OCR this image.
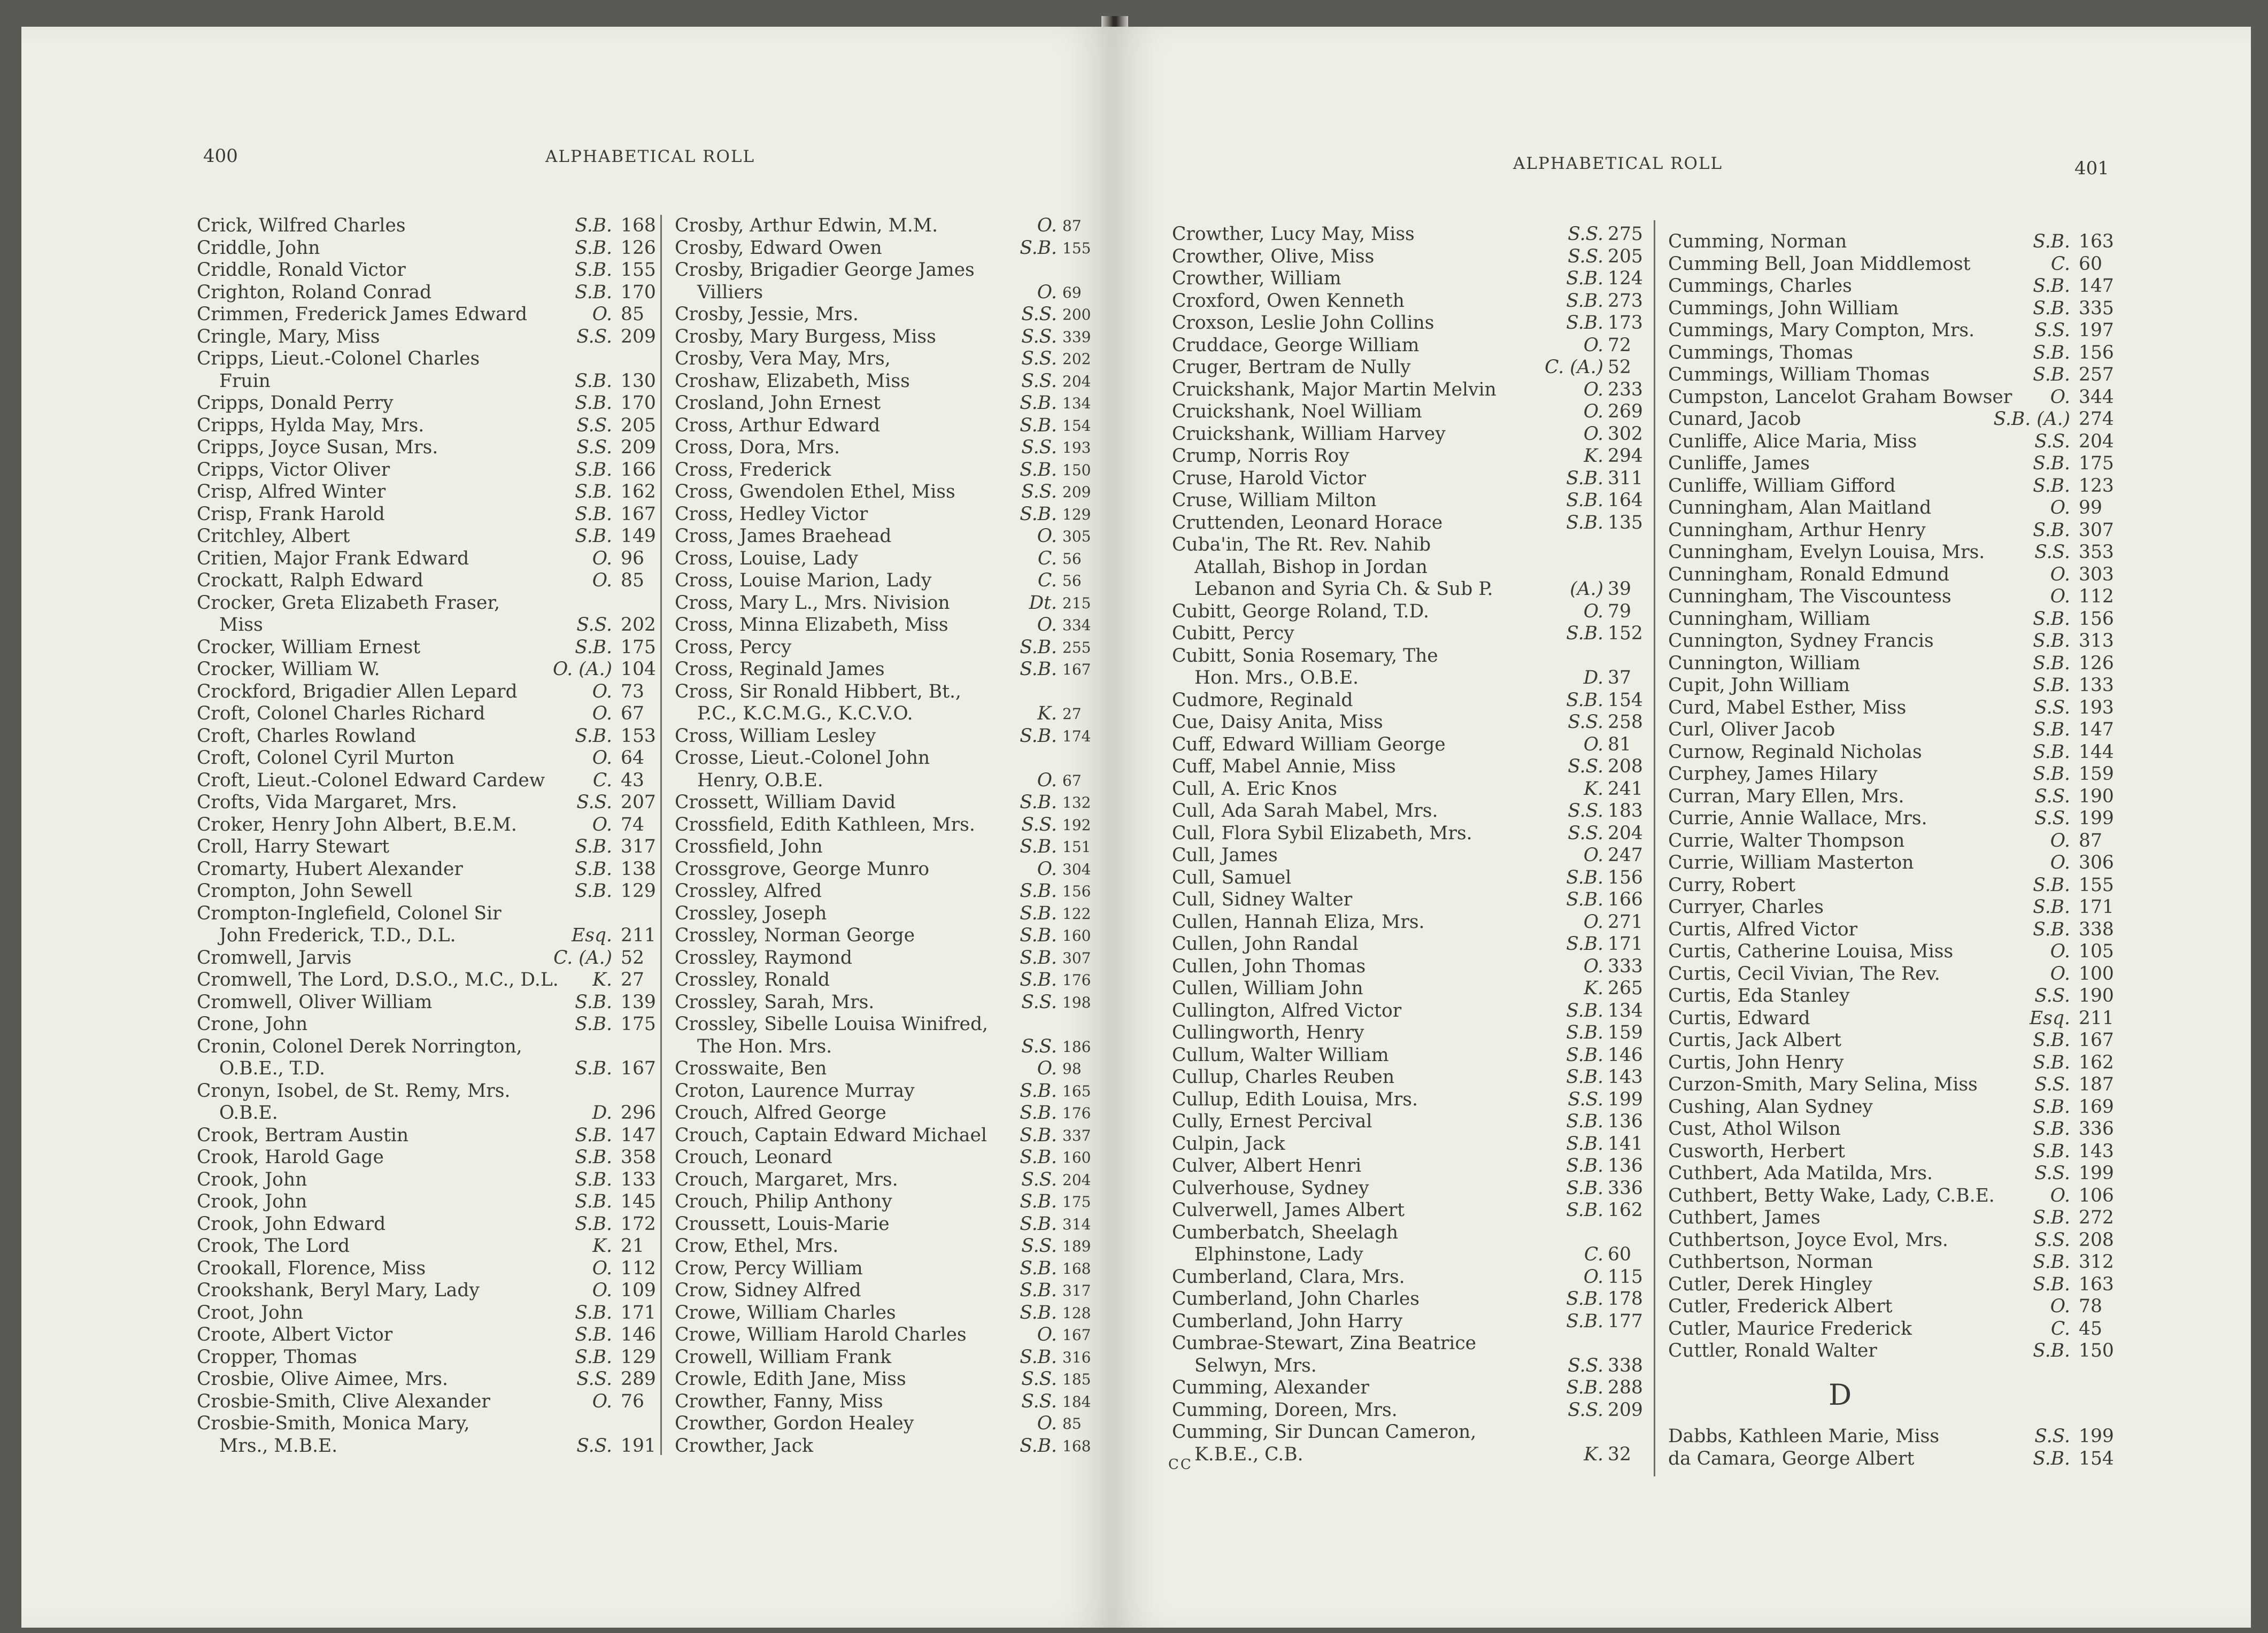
400	ALPHABETICAL ROLL
Crick, Wilfred Charles	S.B. 168
Criddle, John	S.B. 126
Criddle, Ronald Victor	S.B. 155
Crighton, Roland Conrad	S.B. 170
Crimmen, Frederick James Edward	O. 85
Cringle, Mary, Miss	S.S. 209
Cripps, Lieut.-Colonel Charles
Fruin	S.B. 130
Cripps, Donald Perry	S.B. 170
Cripps, Hylda May, Mrs.	S.S. 205
Cripps, Joyce Susan, Mrs.	S.S. 209
Cripps, Victor Oliver	S.B. 166
Crisp, Alfred Winter	S.B. 162
Crisp, Frank Harold	S.B. 167
Critchley, Albert	S.B. 149
Critien, Major Frank Edward	O. 96
Crockatt, Ralph Edward	O. 85
Crocker, Greta Elizabeth Fraser,
Miss	S.S. 202
Crocker, William Ernest	S.B. 175
Crocker, William W.	O. (A.) 104
Crockford, Brigadier Allen Lepard	O. 73
Croft, Colonel Charles Richard	O. 67
Croft, Charles Rowland	S.B. 153
Croft, Colonel Cyril Murton	O. 64
Croft, Lieut.-Colonel Edward Cardew	C. 43
Crofts, Vida Margaret, Mrs.	S.S. 207
Croker, Henry John Albert, B.E.M.	O. 74
Croll, Harry Stewart	S.B. 317
Cromarty, Hubert Alexander	S.B. 138
Crompton, John Sewell	S.B. 129
Crompton-Inglefield, Colonel Sir
John Frederick, T.D., D.L.	Esq. 211
Cromwell, Jarvis	C. (A.) 52
Cromwell, The Lord, D.S.O., M.C., D.L. K. 27
Cromwell, Oliver William	S.B. 139
Crone, John	S.B. 175
Cronin, Colonel Derek Norrington,
O.B.E., T.D.	S.B. 167
Cronyn, Isobel, de St. Remy, Mrs.
O.B.E.	D. 296
Crook, Bertram Austin	S.B. 147
Crook, Harold Gage	S.B. 358
Crook, John	S.B. 133
Crook, John	S.B. 145
Crook, John Edward	S.B. 172
Crook, The Lord	K. 21
Crookall, Florence, Miss	O. 112
Crookshank, Beryl Mary, Lady	O. 109
Croot, John	S.B. 171
Croote, Albert Victor	S.B. 146
Cropper, Thomas	S.B. 129
Crosbie, Olive Aimee, Mrs.	S.S. 289
Crosbie-Smith, Clive Alexander	O. 76
Crosbie-Smith, Monica Mary,
Mrs., M.B.E.	S.S. 191
Crosby, Arthur Edwin, M.M.	O. 87
Crosby, Edward Owen	S.B. 155
Crosby, Brigadier George James
Villiers	O. 69
Crosby, Jessie, Mrs.	S.S. 200
Crosby, Mary Burgess, Miss	S.S. 339
Crosby, Vera May, Mrs,	S.S. 202
Croshaw, Elizabeth, Miss	S.S. 204
Crosland, John Ernest	S.B. 134
Cross, Arthur Edward	S.B. 154
Cross, Dora, Mrs.	S.S. 193
Cross, Frederick	S.B. 150
Cross, Gwendolen Ethel, Miss	S.S. 209
Cross, Hedley Victor	S.B. 129
Cross, James Braehead	O. 305
Cross, Louise, Lady	C. 56
Cross, Louise Marion, Lady	C. 56
Cross, Mary L., Mrs. Nivision	Dt. 215
Cross, Minna Elizabeth, Miss	O. 334
Cross, Percy	S.B. 255
Cross, Reginald James	S.B. 167
Cross, Sir Ronald Hibbert, Bt.,
P.C., K.C.M.G., K.C.V.O.	K. 27
Cross, William Lesley	S.B. 174
Crosse, Lieut.-Colonel John
Henry, O.B.E.	O. 67
Crossett, William David	S.B. 132
Crossfield, Edith Kathleen, Mrs.	S.S. 192
Crossfield, John	S.B. 151
Crossgrove, George Munro	O. 304
Crossley, Alfred	S.B. 156
Crossley, Joseph	S.B. 122
Crossley, Norman George	S.B. 160
Crossley, Raymond	S.B. 307
Crossley, Ronald	S.B. 176
Crossley, Sarah, Mrs.	S.S. 198
Crossley, Sibelle Louisa Winifred,
The Hon. Mrs.	S.S. 186
Crosswaite, Ben	O. 98
Croton, Laurence Murray	S.B. 165
Crouch, Alfred George	S.B. 176
Crouch, Captain Edward Michael S.B. 337
Crouch, Leonard	S.B. 160
Crouch, Margaret, Mrs.	S.S. 204
Crouch, Philip Anthony	S.B. 175
Croussett, Louis-Marie	S.B. 314
Crow, Ethel, Mrs.	S.S. 189
Crow, Percy William	S.B. 168
Crow, Sidney Alfred	S.B. 317
Crowe, William Charles	S.B. 128
Crowe, William Harold Charles	O. 167
Crowell, William Frank	S.B. 316
Crowle, Edith Jane, Miss	S.S. 185
Crowther, Fanny, Miss	S.S. 184
Crowther, Gordon Healey	O. 85
Crowther, Jack	S.B. 168
ALPHABETICAL ROLL	401
Crowther, Lucy May, Miss	S.S. 275
Crowther, Olive, Miss	S.S. 205
Crowther, William	S.B. 124
Croxford, Owen Kenneth	S.B. 273
Croxson, Leslie John Collins	S.B. 173
Cruddace, George William	O. 72
Cruger, Bertram de Nully	C. (A.) 52
Cruickshank, Major Martin Melvin	O. 233
Cruickshank, Noel William	O. 269
Cruickshank, William Harvey	O. 302
Crump, Norris Roy	K. 294
Cruse, Harold Victor	S.B. 311
Cruse, William Milton	S.B. 164
Cruttenden, Leonard Horace	S.B. 135
Cuba'in, The Rt. Rev. Nahib
Atallah, Bishop in Jordan
Lebanon and Syria Ch. & Sub P.	(A.) 39
Cubitt, George Roland, T.D.	O. 79
Cubitt, Percy	S.B. 152
Cubitt, Sonia Rosemary, The
Hon. Mrs., O.B.E.	D. 37
Cudmore, Reginald	S.B. 154
Cue, Daisy Anita, Miss	S.S. 258
Cuff, Edward William George	O. 81
Cuff, Mabel Annie, Miss	S.S. 208
Cull, A. Eric Knos	K. 241
Cull, Ada Sarah Mabel, Mrs.	S.S. 183
Cull, Flora Sybil Elizabeth, Mrs.	S.S. 204
Cull, James	O. 247
Cull, Samuel	S.B. 156
Cull, Sidney Walter	S.B. 166
Cullen, Hannah Eliza, Mrs.	O. 271
Cullen, John Randal	S.B. 171
Cullen, John Thomas	O. 333
Cullen, William John	K. 265
Cullington, Alfred Victor	S.B. 134
Cullingworth, Henry	S.B. 159
Cullum, Walter William	S.B. 146
Cullup, Charles Reuben	S.B. 143
Cullup, Edith Louisa, Mrs.	S.S. 199
Cully, Ernest Percival	S.B. 136
Culpin, Jack	S.B. 141
Culver, Albert Henri	S.B. 136
Culverhouse, Sydney	S.B. 336
Culverwell, James Albert	S.B. 162
Cumberbatch, Sheelagh
Elphinstone, Lady	C. 60
Cumberland, Clara, Mrs.	O. 115
Cumberland, John Charles	S.B. 178
Cumberland, John Harry	S.B. 177
Cumbrae-Stewart, Zina Beatrice
Selwyn, Mrs.	S.S. 338
Cumming, Alexander	S.B. 288
Cumming, Doreen, Mrs.	S.S. 209
Cumming, Sir Duncan Cameron,
K.B.E., C.B.	K. 32
Cumming, Norman	S.B. 163
Cumming Bell, Joan Middlemost	C. 60
Cummings, Charles	S.B. 147
Cummings, John William	S.B. 335
Cummings, Mary Compton, Mrs.	S.S. 197
Cummings, Thomas	S.B. 156
Cummings, William Thomas	S.B. 257
Cumpston, Lancelot Graham Bowser O. 344
Cunard, Jacob	S.B. (A.) 274
Cunliffe, Alice Maria, Miss	S.S. 204
Cunliffe, James	S.B. 175
Cunliffe, William Gifford	S.B. 123
Cunningham, Alan Maitland	O. 99
Cunningham, Arthur Henry	S.B. 307
Cunningham, Evelyn Louisa, Mrs.	S.S. 353
Cunningham, Ronald Edmund	O. 303
Cunningham, The Viscountess	O. 112
Cunningham, William	S.B. 156
Cunnington, Sydney Francis	S.B. 313
Cunnington, William	S.B. 126
Cupit, John William	S.B. 133
Curd, Mabel Esther, Miss	S.S. 193
Curl, Oliver Jacob	S.B. 147
Curnow, Reginald Nicholas	S.B. 144
Curphey, James Hilary	S.B. 159
Curran, Mary Ellen, Mrs.	S.S. 190
Currie, Annie Wallace, Mrs.	S.S. 199
Currie, Walter Thompson	O. 87
Currie, William Masterton	O. 306
Curry, Robert	S.B. 155
Curryer, Charles	S.B. 171
Curtis, Alfred Victor	S.B. 338
Curtis, Catherine Louisa, Miss	O. 105
Curtis, Cecil Vivian, The Rev.	O. 100
Curtis, Eda Stanley	S.S. 190
Curtis, Edward	Esq. 211
Curtis, Jack Albert	S.B. 167
Curtis, John Henry	S.B. 162
Curzon-Smith, Mary Selina, Miss	S.S. 187
Cushing, Alan Sydney	S.B. 169
Cust, Athol Wilson	S.B. 336
Cusworth, Herbert	S.B. 143
Cuthbert, Ada Matilda, Mrs.	S.S. 199
Cuthbert, Betty Wake, Lady, C.B.E.	O. 106
Cuthbert, James	S.B. 272
Cuthbertson, Joyce Evol, Mrs.	S.S. 208
Cuthbertson, Norman	S.B. 312
Cutler, Derek Hingley	S.B. 163
Cutler, Frederick Albert	O. 78
Cutler, Maurice Frederick	C. 45
Cuttler, Ronald Walter	S.B. 150
D
Dabbs, Kathleen Marie, Miss	S.S. 199
da Camara, George Albert	S.B. 154
CC
